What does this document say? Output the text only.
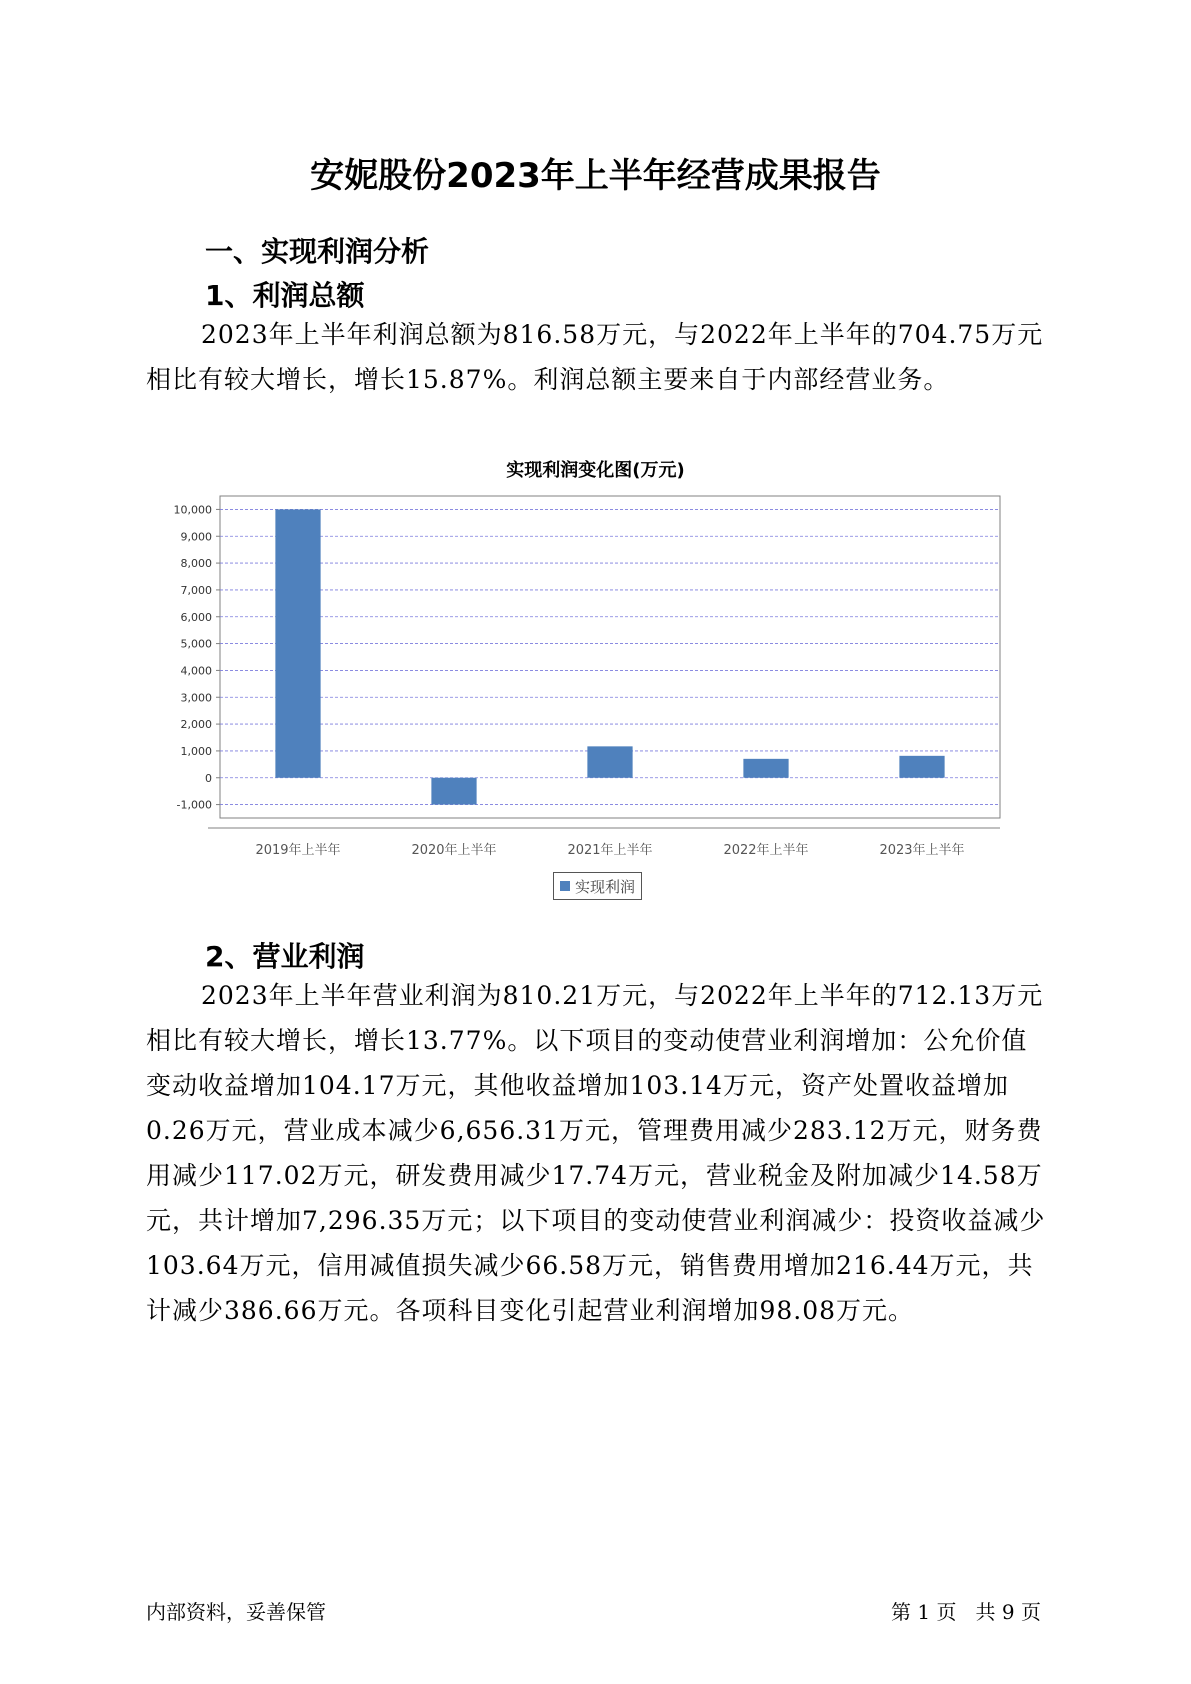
安妮股份2023年上半年经营成果报告
一、实现利润分析
1、利润总额

2023年上半年利润总额为816.58万元，与2022年上半年的704.75万元相比有较大增长，增长15.87%。利润总额主要来自于内部经营业务。

实现利润变化图(万元)
-1,000
0
1,000
2,000
3,000
4,000
5,000
6,000
7,000
8,000
9,000
10,000
2019年上半年	2020年上半年	2021年上半年	2022年上半年	2023年上半年
实现利润
2、营业利润

2023年上半年营业利润为810.21万元，与2022年上半年的712.13万元相比有较大增长，增长13.77%。以下项目的变动使营业利润增加：公允价值变动收益增加104.17万元，其他收益增加103.14万元，资产处置收益增加0.26万元，营业成本减少6,656.31万元，管理费用减少283.12万元，财务费用减少117.02万元，研发费用减少17.74万元，营业税金及附加减少14.58万元，共计增加7,296.35万元；以下项目的变动使营业利润减少：投资收益减少103.64万元，信用减值损失减少66.58万元，销售费用增加216.44万元，共计减少386.66万元。各项科目变化引起营业利润增加98.08万元。

内部资料，妥善保管	第 1 页   共 9 页
